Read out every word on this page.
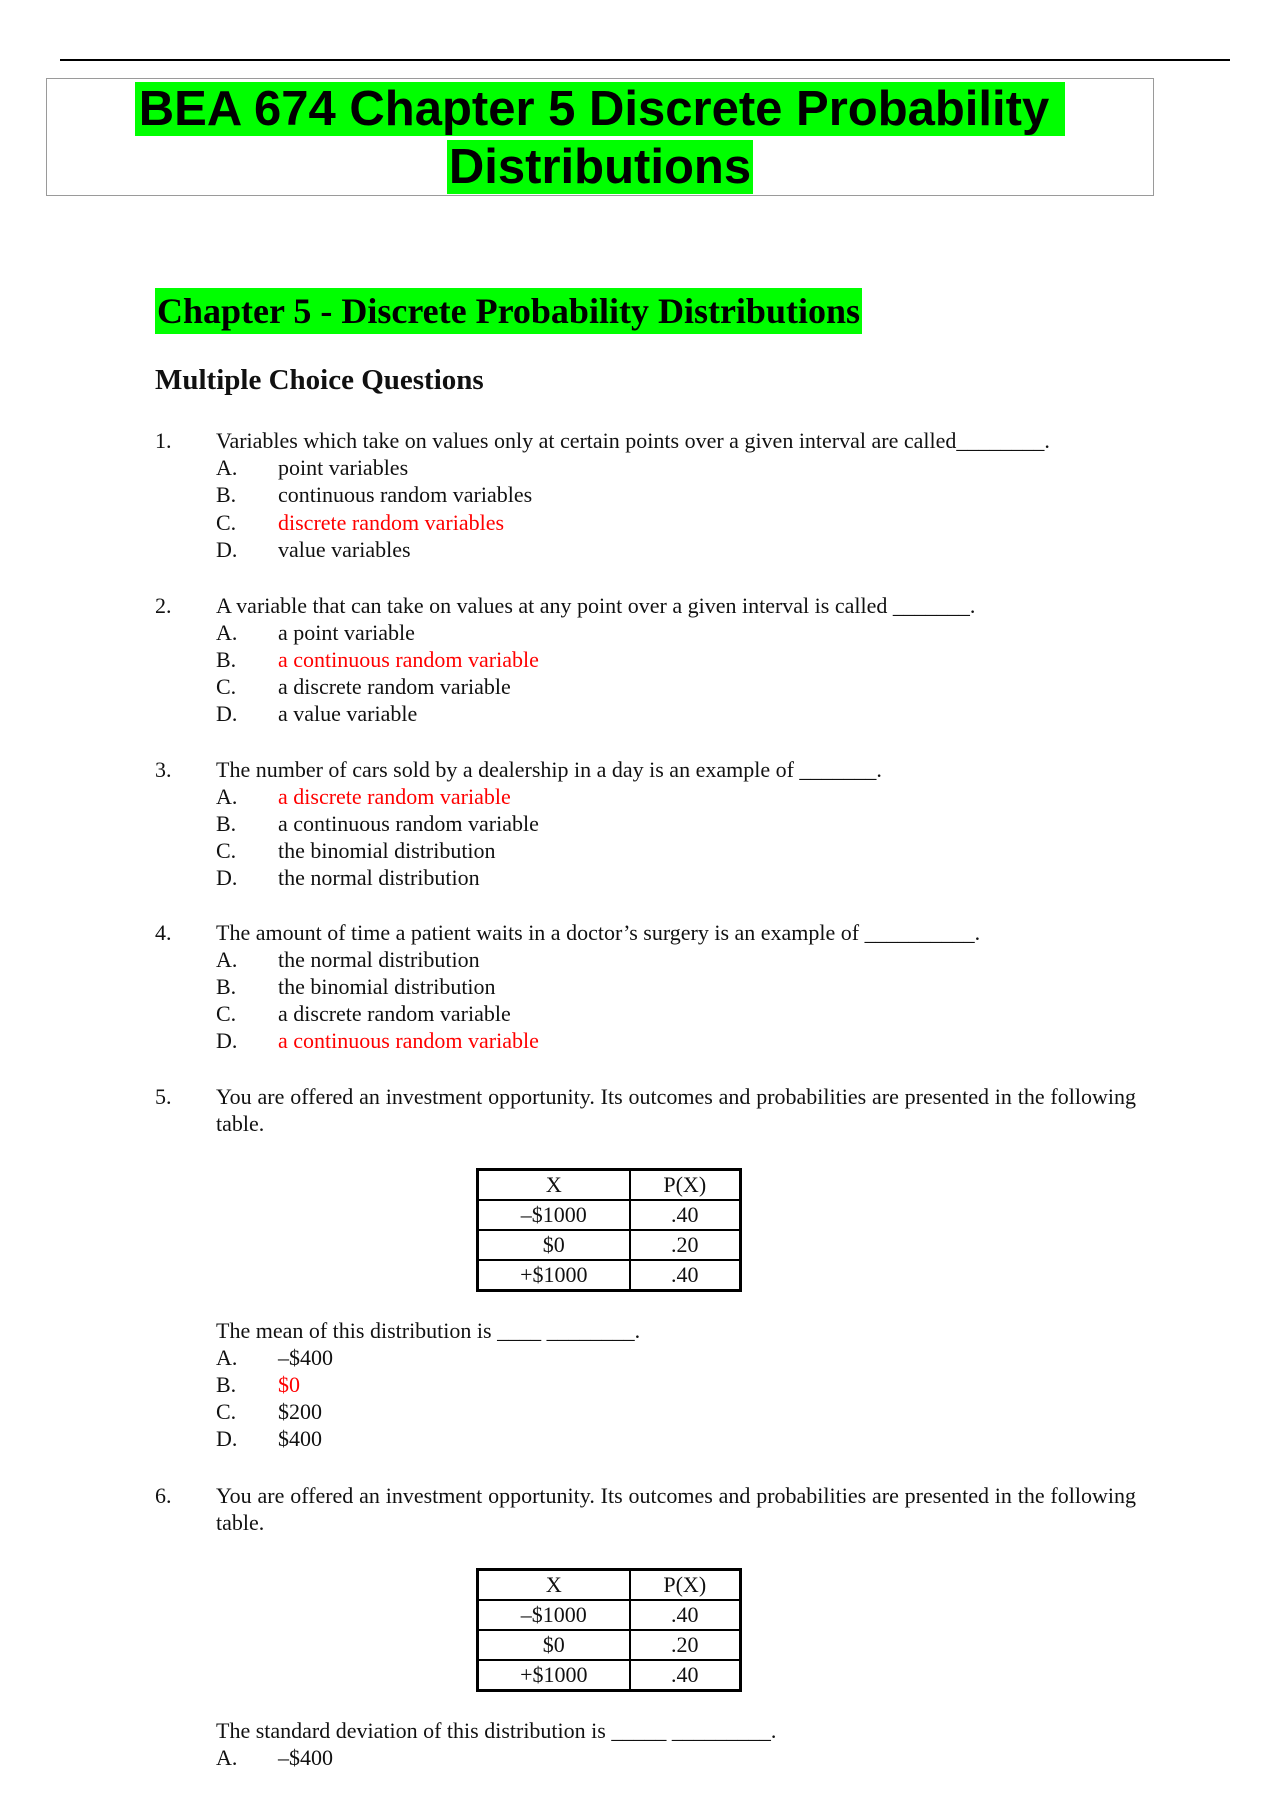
BEA 674 Chapter 5 Discrete Probability
Distributions
Chapter 5 - Discrete Probability Distributions
Multiple Choice Questions
1. Variables which take on values only at certain points over a given interval are called________.
A.	point variables
B.	continuous random variables
C.	discrete random variables
D.	value variables
2. A variable that can take on values at any point over a given interval is called _______.
A.	a point variable
B.	a continuous random variable
C.	a discrete random variable
D.	a value variable
3. The number of cars sold by a dealership in a day is an example of _______.
A.	a discrete random variable
B.	a continuous random variable
C.	the binomial distribution
D.	the normal distribution
4. The amount of time a patient waits in a doctor’s surgery is an example of __________.
A.	the normal distribution
B.	the binomial distribution
C.	a discrete random variable
D.	a continuous random variable
5. You are offered an investment opportunity. Its outcomes and probabilities are presented in the following table.
X	P(X)
–$1000	.40
$0	.20
+$1000	.40
The mean of this distribution is ____ ________.
A.	–$400
B.	$0
C.	$200
D.	$400
6. You are offered an investment opportunity. Its outcomes and probabilities are presented in the following table.
X	P(X)
–$1000	.40
$0	.20
+$1000	.40
The standard deviation of this distribution is _____ _________.
A.	–$400
